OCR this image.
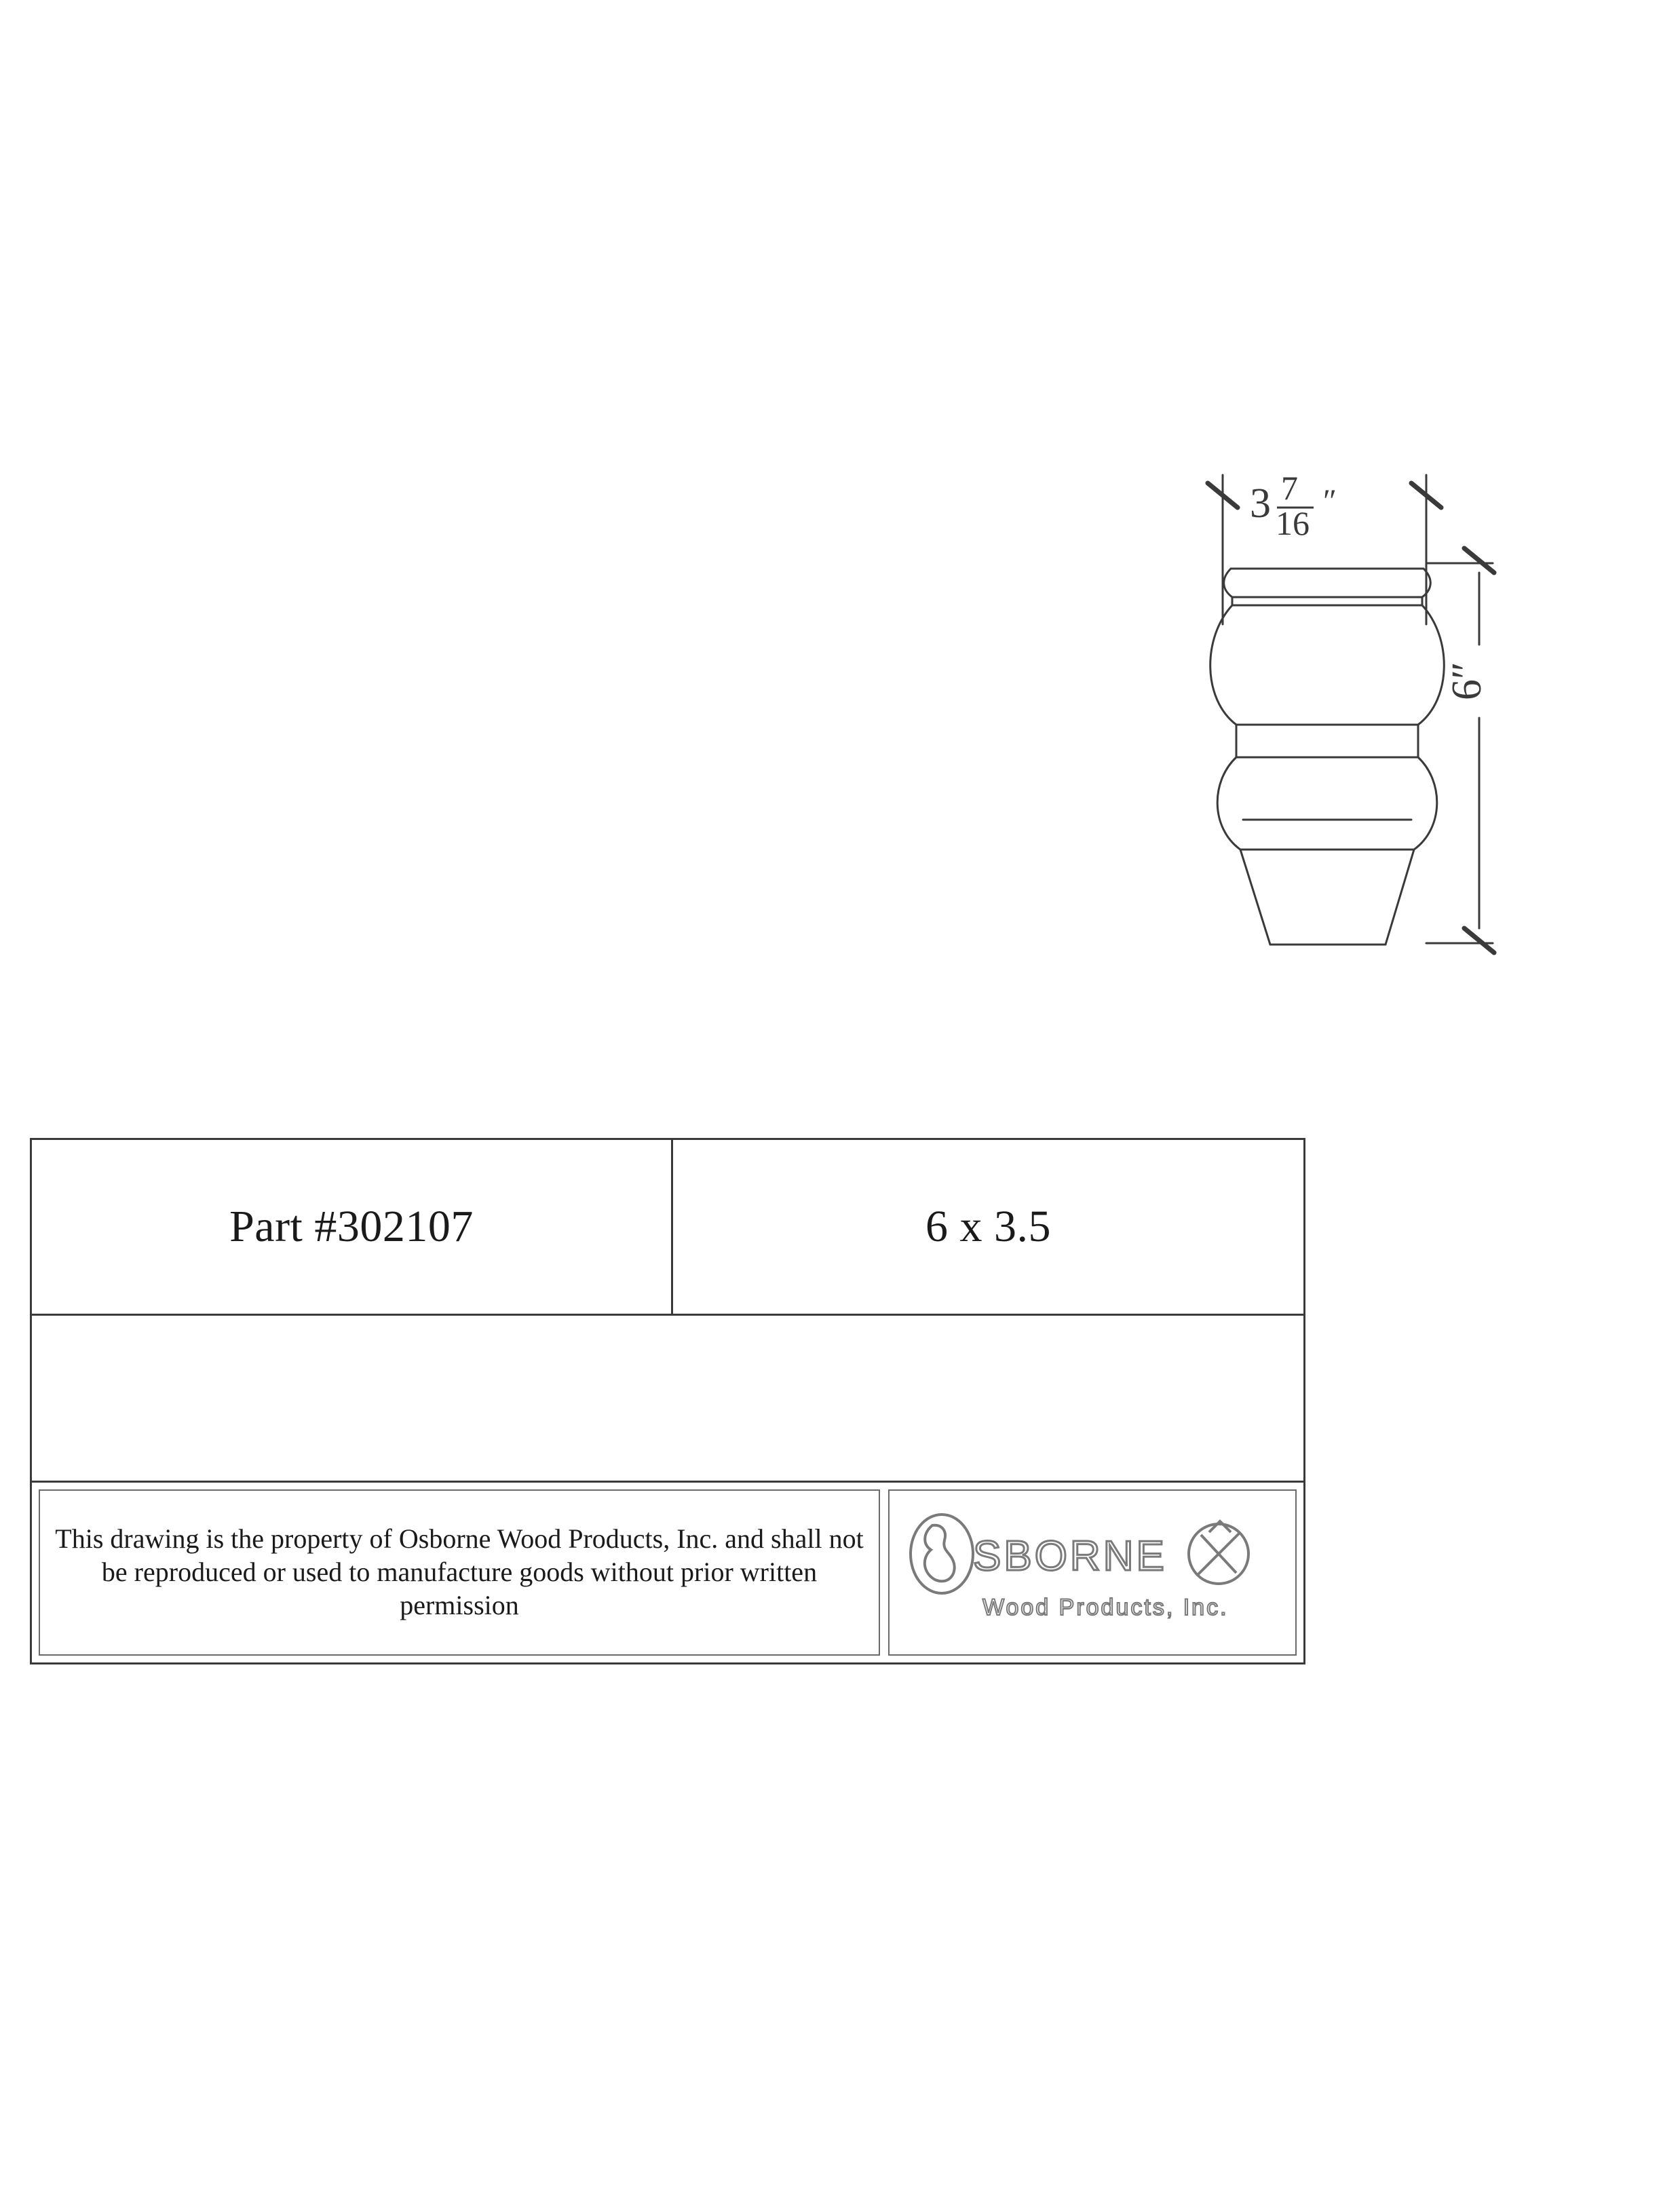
3 7
16
″
6″
Part #302107	6 x 3.5

This drawing is the property of Osborne Wood Products, Inc. and shall not be reproduced or used to manufacture goods without prior written permission

SBORNE
Wood Products, Inc.
